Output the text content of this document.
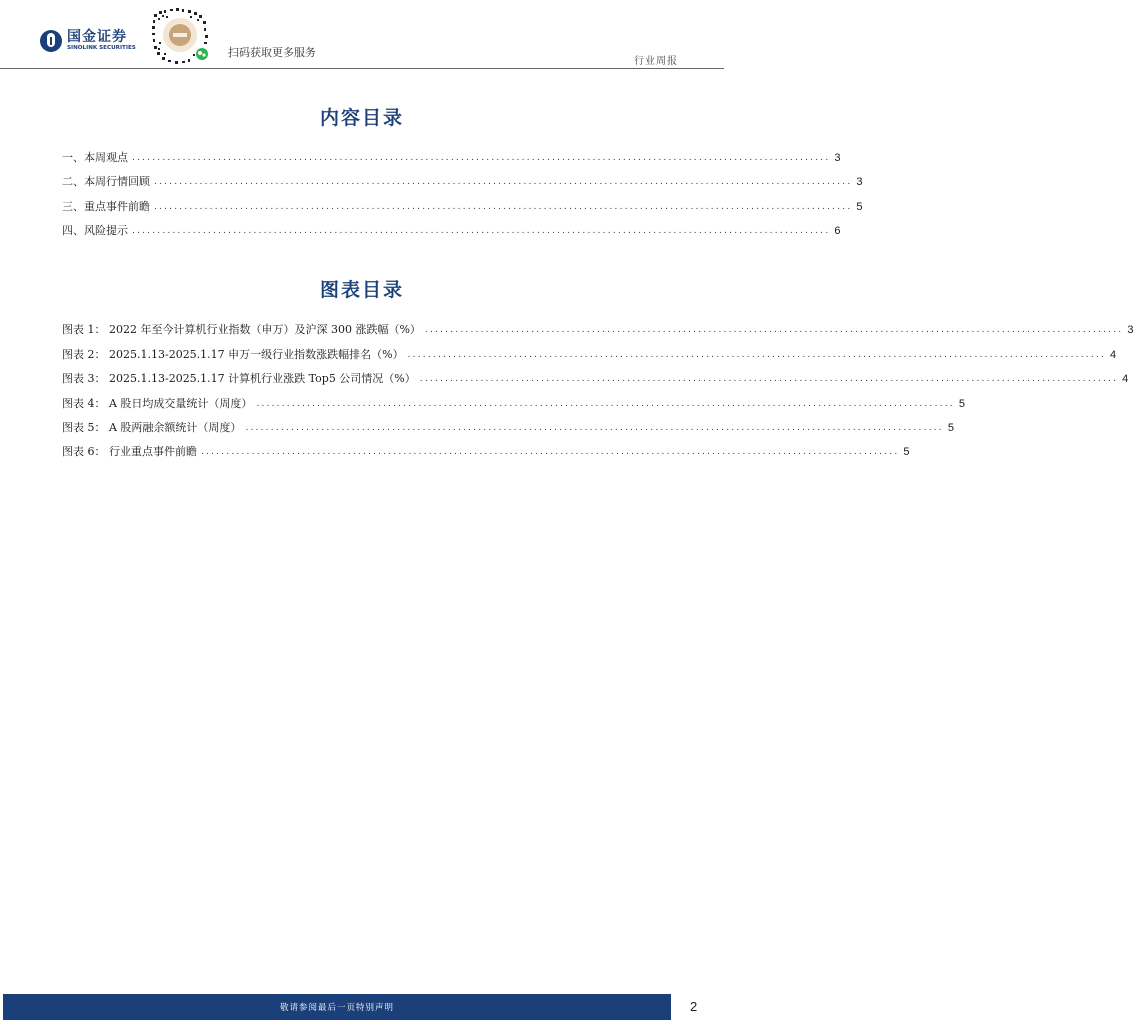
国金证券
SINOLINK SECURITIES	扫码获取更多服务
行业周报
内容目录
一、本周观点 .......................................................................................................................................... 3
二、本周行情回顾 .......................................................................................................................................... 3
三、重点事件前瞻 .......................................................................................................................................... 5
四、风险提示 .......................................................................................................................................... 6
图表目录
图表 1： 2022 年至今计算机行业指数（申万）及沪深 300 涨跌幅（%） .......................................................................................................................................... 3
图表 2： 2025.1.13-2025.1.17 申万一级行业指数涨跌幅排名（%） .......................................................................................................................................... 4
图表 3： 2025.1.13-2025.1.17 计算机行业涨跌 Top5 公司情况（%） .......................................................................................................................................... 4
图表 4： A 股日均成交量统计（周度） .......................................................................................................................................... 5
图表 5： A 股两融余额统计（周度） .......................................................................................................................................... 5
图表 6： 行业重点事件前瞻 .......................................................................................................................................... 5
敬请参阅最后一页特别声明	2
